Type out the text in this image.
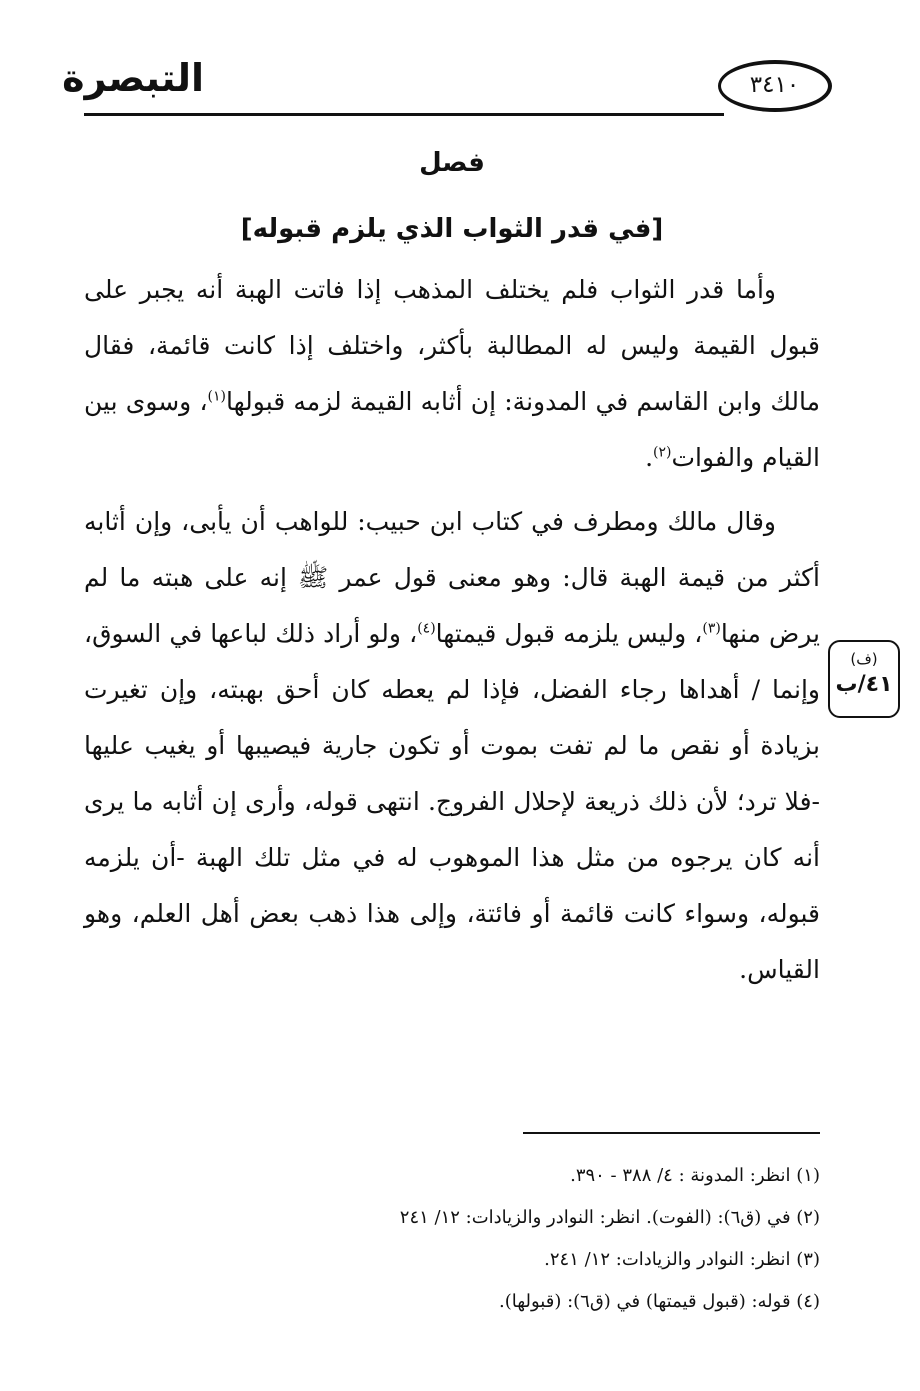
التبصرة	٣٤١٠
فصل
[في قدر الثواب الذي يلزم قبوله]

وأما قدر الثواب فلم يختلف المذهب إذا فاتت الهبة أنه يجبر على قبول القيمة وليس له المطالبة بأكثر، واختلف إذا كانت قائمة، فقال مالك وابن القاسم في المدونة: إن أثابه القيمة لزمه قبولها$^{(١)}$، وسوى بين القيام والفوات$^{(٢)}$.

وقال مالك ومطرف في كتاب ابن حبيب: للواهب أن يأبى، وإن أثابه أكثر من قيمة الهبة قال: وهو معنى قول عمر ﷺ إنه على هبته ما لم يرض منها$^{(٣)}$، وليس يلزمه قبول قيمتها$^{(٤)}$، ولو أراد ذلك لباعها في السوق، وإنما / أهداها رجاء الفضل، فإذا لم يعطه كان أحق بهبته، وإن تغيرت بزيادة أو نقص ما لم تفت بموت أو تكون جارية فيصيبها أو يغيب عليها -فلا ترد؛ لأن ذلك ذريعة لإحلال الفروج. انتهى قوله، وأرى إن أثابه ما يرى أنه كان يرجوه من مثل هذا الموهوب له في مثل تلك الهبة -أن يلزمه قبوله، وسواء كانت قائمة أو فائتة، وإلى هذا ذهب بعض أهل العلم، وهو القياس.

(ف)
٤١/ب
(١) انظر: المدونة : ٤/ ٣٨٨ - ٣٩٠.
(٢) في (ق٦): (الفوت). انظر: النوادر والزيادات: ١٢/ ٢٤١
(٣) انظر: النوادر والزيادات: ١٢/ ٢٤١.
(٤) قوله: (قبول قيمتها) في (ق٦): (قبولها).
